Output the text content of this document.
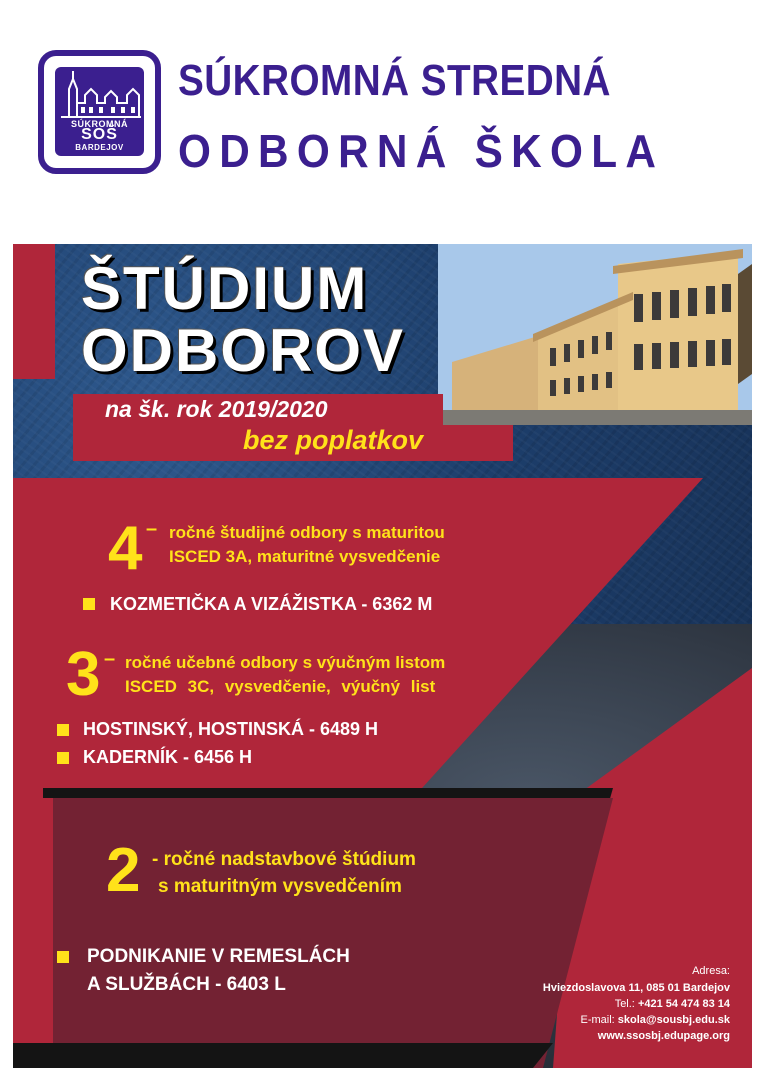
SÚKROMNÁ
SOŠ
BARDEJOV
SÚKROMNÁ STREDNÁ
ODBORNÁ ŠKOLA
ŠTÚDIUM
ODBOROV
na šk. rok 2019/2020
bez poplatkov
4 – ročné študijné odbory s maturitou
ISCED 3A, maturitné vysvedčenie
KOZMETIČKA A VIZÁŽISTKA - 6362 M
3 – ročné učebné odbory s výučným listom
ISCED 3C, vysvedčenie, výučný list
HOSTINSKÝ, HOSTINSKÁ - 6489 H
KADERNÍK - 6456 H
2 - ročné nadstavbové štúdium
s maturitným vysvedčením
PODNIKANIE V REMESLÁCH
A SLUŽBÁCH - 6403 L
Adresa:
Hviezdoslavova 11, 085 01 Bardejov
Tel.: +421 54 474 83 14
E-mail: skola@sousbj.edu.sk
www.ssosbj.edupage.org
